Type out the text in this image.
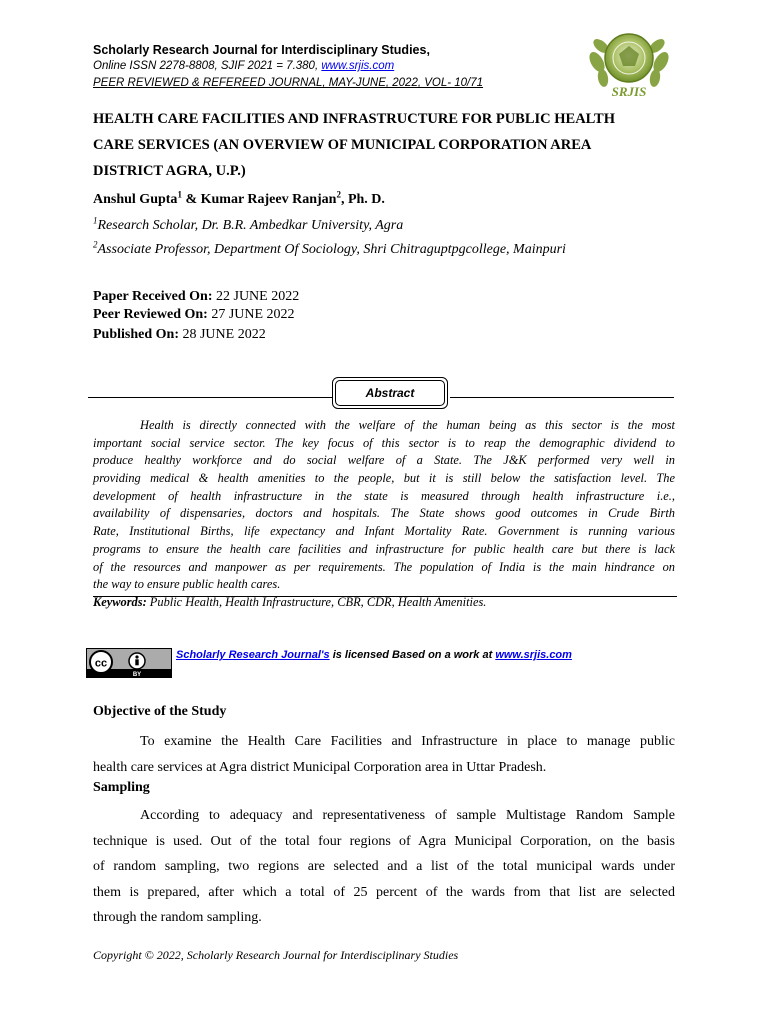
Scholarly Research Journal for Interdisciplinary Studies,
Online ISSN 2278-8808, SJIF 2021 = 7.380, www.srjis.com
PEER REVIEWED & REFEREED JOURNAL, MAY-JUNE, 2022, VOL- 10/71
SRJIS
HEALTH CARE FACILITIES AND INFRASTRUCTURE FOR PUBLIC HEALTH
CARE SERVICES (AN OVERVIEW OF MUNICIPAL CORPORATION AREA
DISTRICT AGRA, U.P.)
Anshul Gupta$^1$ & Kumar Rajeev Ranjan$^2$, Ph. D.
$^1$Research Scholar, Dr. B.R. Ambedkar University, Agra
$^2$Associate Professor, Department Of Sociology, Shri Chitraguptpgcollege, Mainpuri
Paper Received On: 22 JUNE 2022
Peer Reviewed On: 27 JUNE 2022
Published On: 28 JUNE 2022
Abstract
Health is directly connected with the welfare of the human being as this sector is the most
important social service sector. The key focus of this sector is to reap the demographic dividend to
produce healthy workforce and do social welfare of a State. The J&K performed very well in
providing medical & health amenities to the people, but it is still below the satisfaction level. The
development of health infrastructure in the state is measured through health infrastructure i.e.,
availability of dispensaries, doctors and hospitals. The State shows good outcomes in Crude Birth
Rate, Institutional Births, life expectancy and Infant Mortality Rate. Government is running various
programs to ensure the health care facilities and infrastructure for public health care but there is lack
of the resources and manpower as per requirements. The population of India is the main hindrance on
the way to ensure public health cares.
Keywords: Public Health, Health Infrastructure, CBR, CDR, Health Amenities.
cc
BY
Scholarly Research Journal's is licensed Based on a work at www.srjis.com
Objective of the Study
To examine the Health Care Facilities and Infrastructure in place to manage public
health care services at Agra district Municipal Corporation area in Uttar Pradesh.
Sampling
According to adequacy and representativeness of sample Multistage Random Sample
technique is used. Out of the total four regions of Agra Municipal Corporation, on the basis
of random sampling, two regions are selected and a list of the total municipal wards under
them is prepared, after which a total of 25 percent of the wards from that list are selected
through the random sampling.
Copyright © 2022, Scholarly Research Journal for Interdisciplinary Studies
